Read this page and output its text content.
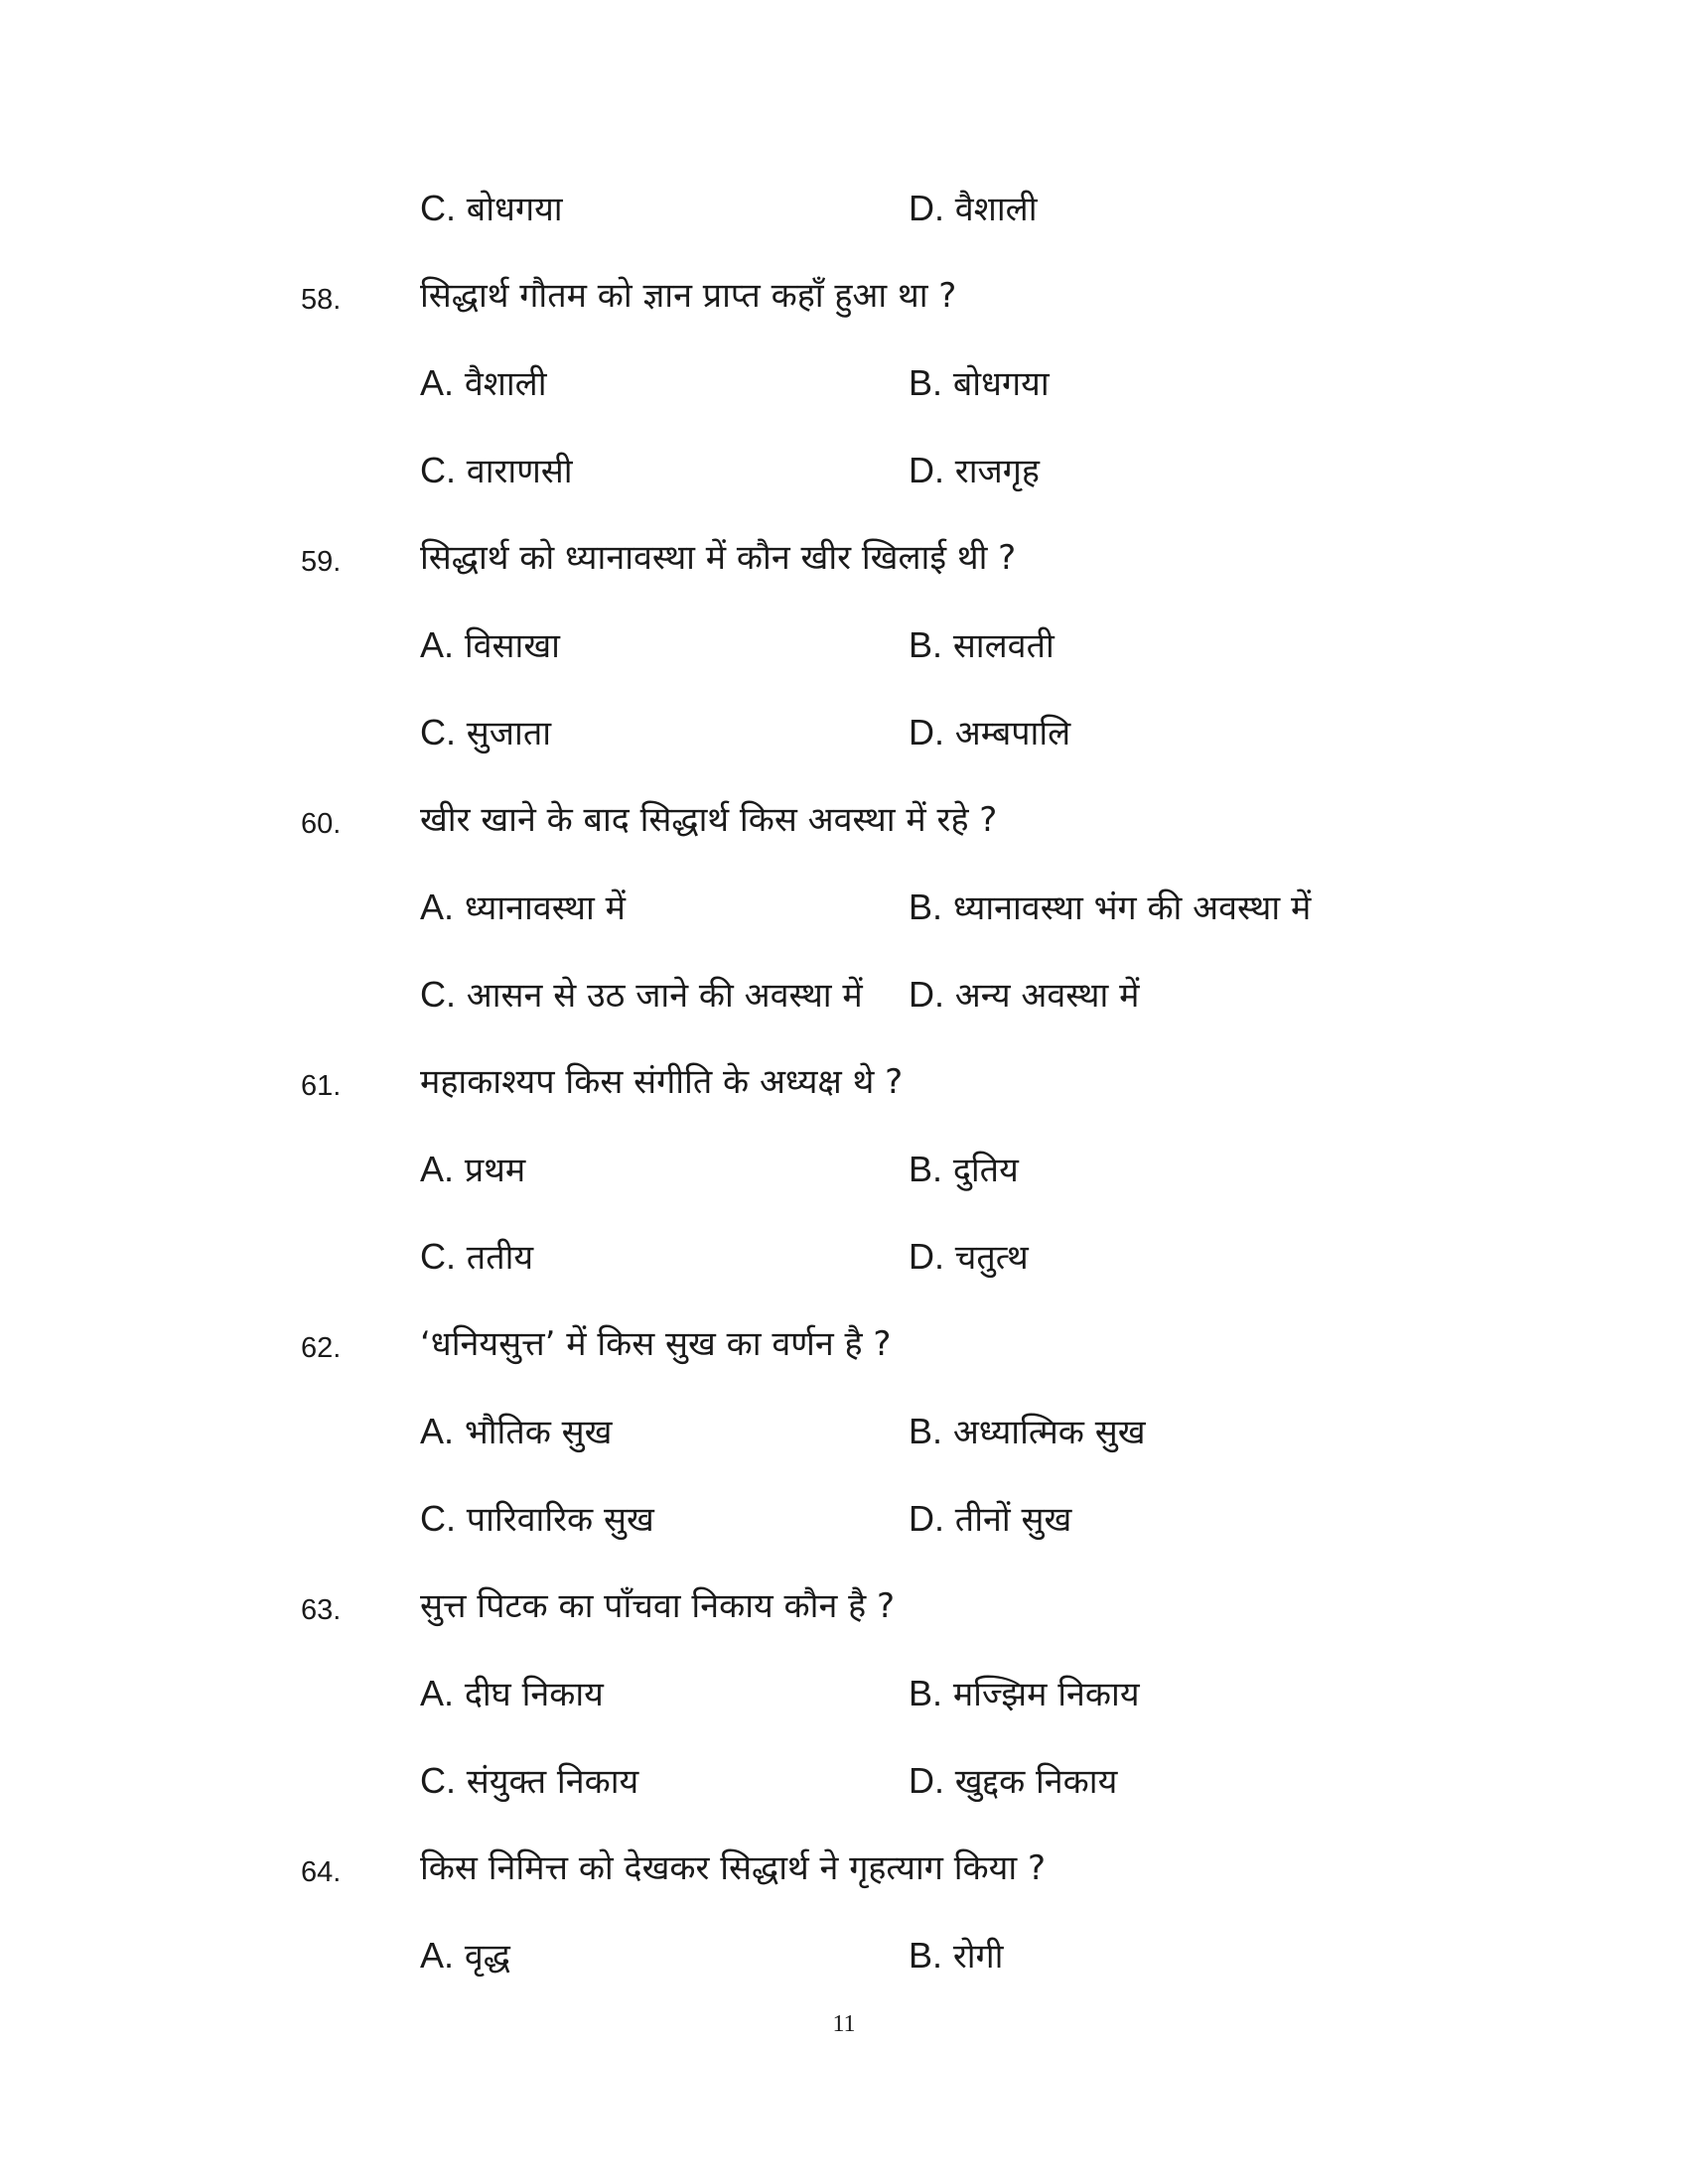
C. बोधगया	D. वैशाली
58. सिद्धार्थ गौतम को ज्ञान प्राप्त कहाँ हुआ था ?
A. वैशाली	B. बोधगया
C. वाराणसी	D. राजगृह
59. सिद्धार्थ को ध्यानावस्था में कौन खीर खिलाई थी ?
A. विसाखा	B. सालवती
C. सुजाता	D. अम्बपालि
60. खीर खाने के बाद सिद्धार्थ किस अवस्था में रहे ?
A. ध्यानावस्था में	B. ध्यानावस्था भंग की अवस्था में
C. आसन से उठ जाने की अवस्था में D. अन्य अवस्था में
61. महाकाश्यप किस संगीति के अध्यक्ष थे ?
A. प्रथम	B. दुतिय
C. ततीय	D. चतुत्थ
62. ‘धनियसुत्त’ में किस सुख का वर्णन है ?
A. भौतिक सुख	B. अध्यात्मिक सुख
C. पारिवारिक सुख	D. तीनों सुख
63. सुत्त पिटक का पाँचवा निकाय कौन है ?
A. दीघ निकाय	B. मज्झिम निकाय
C. संयुक्त निकाय	D. खुद्दक निकाय
64. किस निमित्त को देखकर सिद्धार्थ ने गृहत्याग किया ?
A. वृद्ध	B. रोगी
11
